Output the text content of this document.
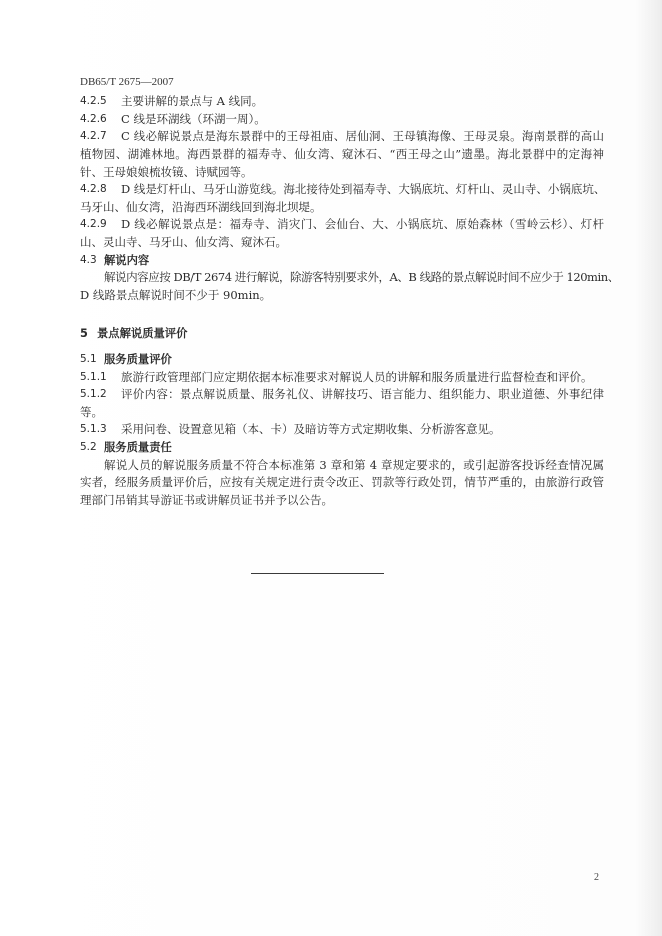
DB65/T 2675—2007
4.2.5	主要讲解的景点与 A 线同。
4.2.6	C 线是环湖线（环湖一周）。
4.2.7	C 线必解说景点是海东景群中的王母祖庙、居仙洞、王母镇海像、王母灵泉。海南景群的高山
植物园、湖滩林地。海西景群的福寿寺、仙女湾、窥沐石、“西王母之山”遗墨。海北景群中的定海神
针、王母娘娘梳妆镜、诗赋园等。
4.2.8	D 线是灯杆山、马牙山游览线。海北接待处到福寿寺、大锅底坑、灯杆山、灵山寺、小锅底坑、
马牙山、仙女湾，沿海西环湖线回到海北坝堤。
4.2.9	D 线必解说景点是：福寿寺、消灾门、会仙台、大、小锅底坑、原始森林（雪岭云杉）、灯杆
山、灵山寺、马牙山、仙女湾、窥沐石。
4.3 解说内容
解说内容应按 DB/T 2674 进行解说，除游客特别要求外，A、B 线路的景点解说时间不应少于 120min、
D 线路景点解说时间不少于 90min。
5 景点解说质量评价
5.1 服务质量评价
5.1.1	旅游行政管理部门应定期依据本标准要求对解说人员的讲解和服务质量进行监督检查和评价。
5.1.2	评价内容：景点解说质量、服务礼仪、讲解技巧、语言能力、组织能力、职业道德、外事纪律
等。
5.1.3	采用问卷、设置意见箱（本、卡）及暗访等方式定期收集、分析游客意见。
5.2 服务质量责任
解说人员的解说服务质量不符合本标准第 3 章和第 4 章规定要求的，或引起游客投诉经查情况属
实者，经服务质量评价后，应按有关规定进行责令改正、罚款等行政处罚，情节严重的，由旅游行政管
理部门吊销其导游证书或讲解员证书并予以公告。
2
